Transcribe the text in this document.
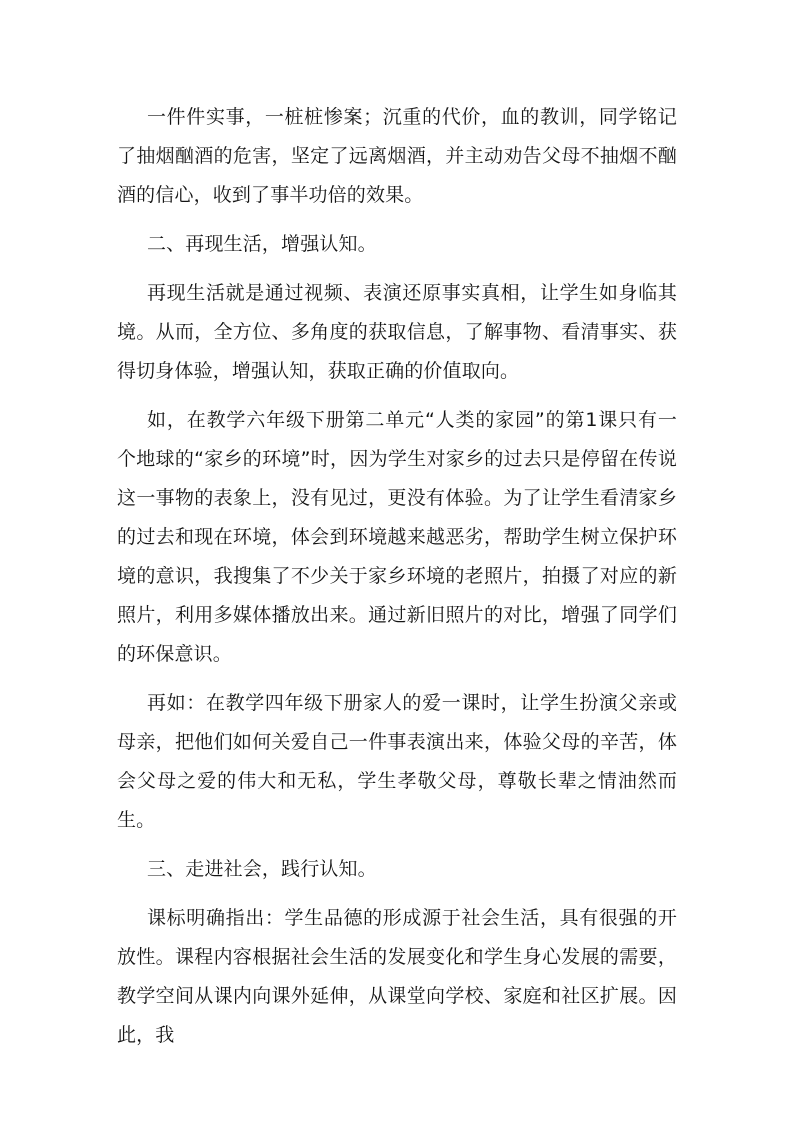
一件件实事，一桩桩惨案；沉重的代价，血的教训，同学铭记了抽烟酗酒的危害，坚定了远离烟酒，并主动劝告父母不抽烟不酗酒的信心，收到了事半功倍的效果。

二、再现生活，增强认知。

再现生活就是通过视频、表演还原事实真相，让学生如身临其境。从而，全方位、多角度的获取信息，了解事物、看清事实、获得切身体验，增强认知，获取正确的价值取向。

如，在教学六年级下册第二单元“人类的家园”的第1课只有一个地球的“家乡的环境”时，因为学生对家乡的过去只是停留在传说这一事物的表象上，没有见过，更没有体验。为了让学生看清家乡的过去和现在环境，体会到环境越来越恶劣，帮助学生树立保护环境的意识，我搜集了不少关于家乡环境的老照片，拍摄了对应的新照片，利用多媒体播放出来。通过新旧照片的对比，增强了同学们的环保意识。

再如：在教学四年级下册家人的爱一课时，让学生扮演父亲或母亲，把他们如何关爱自己一件事表演出来，体验父母的辛苦，体会父母之爱的伟大和无私，学生孝敬父母，尊敬长辈之情油然而生。

三、走进社会，践行认知。

课标明确指出：学生品德的形成源于社会生活，具有很强的开放性。课程内容根据社会生活的发展变化和学生身心发展的需要，教学空间从课内向课外延伸，从课堂向学校、家庭和社区扩展。因此，我
